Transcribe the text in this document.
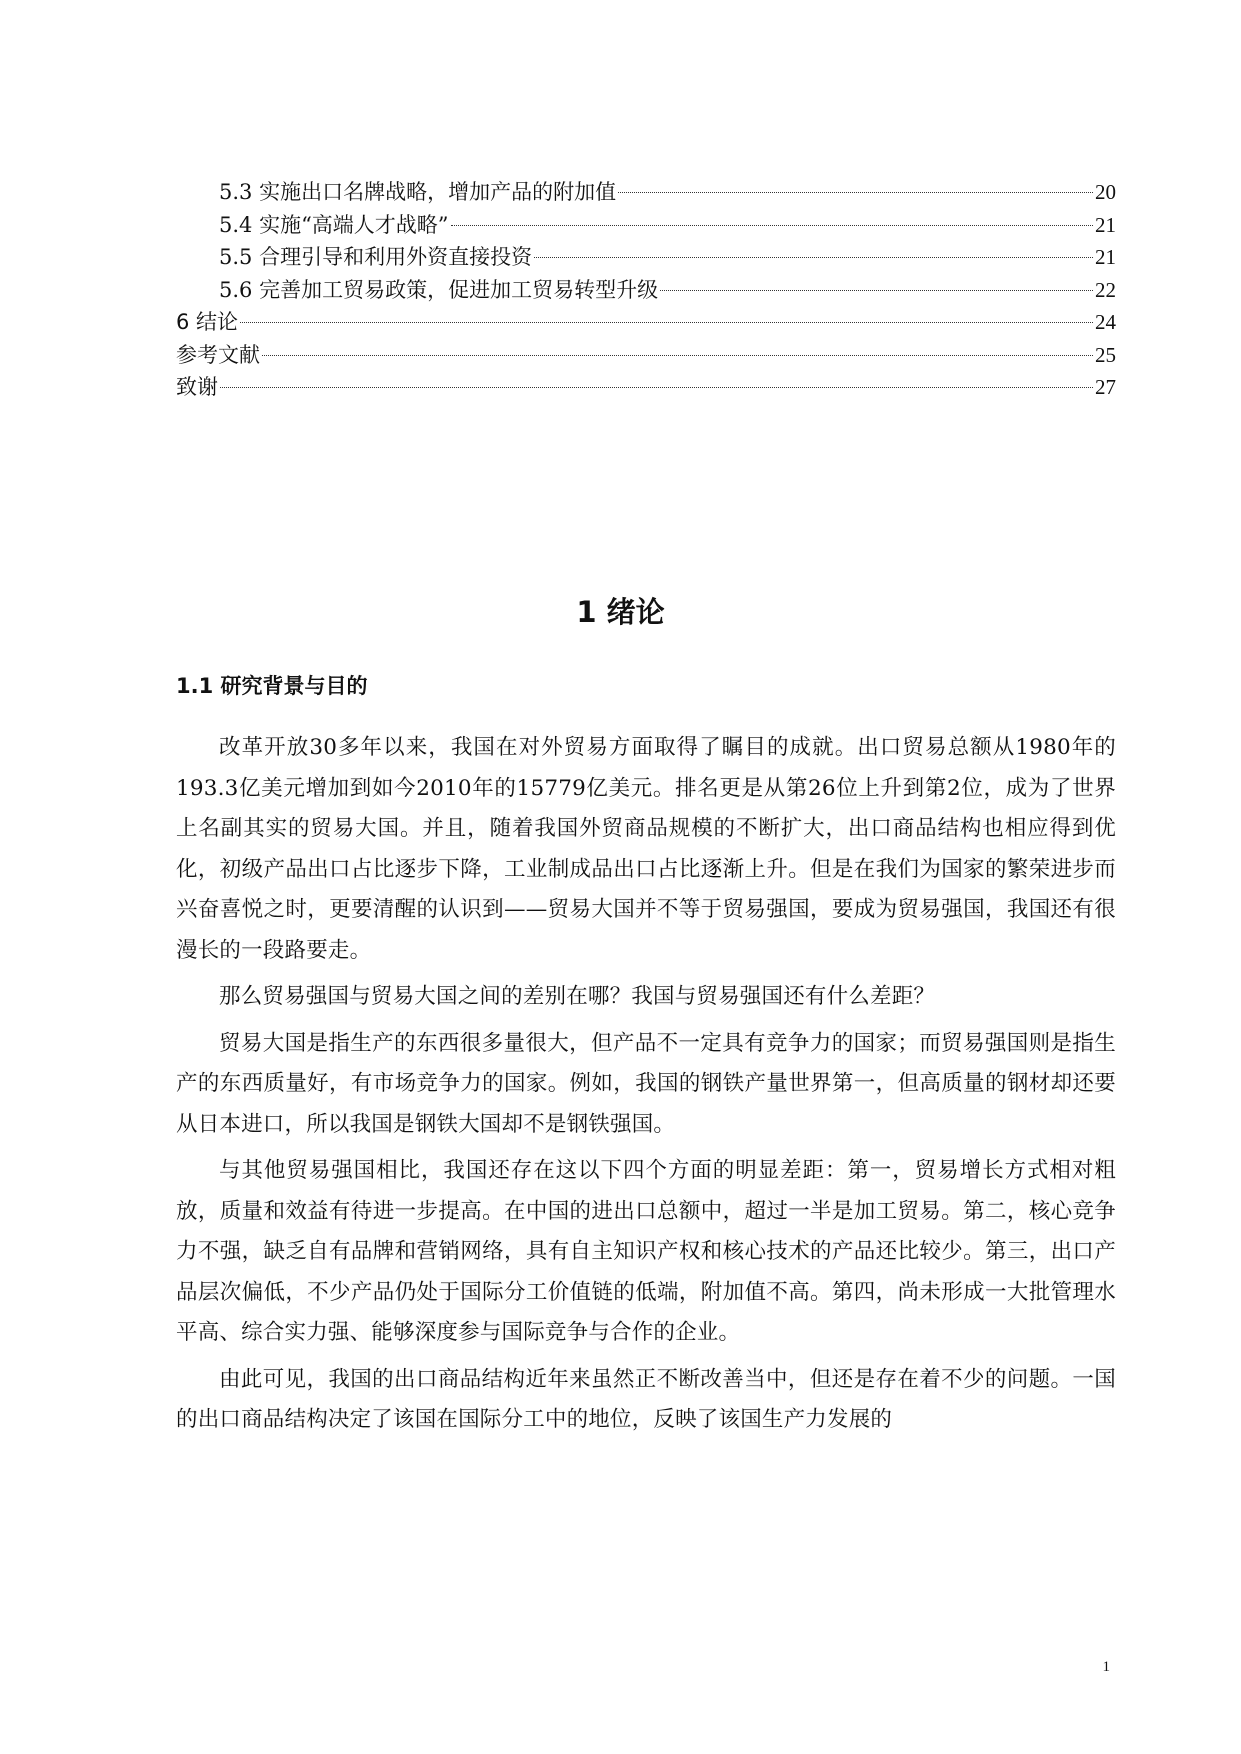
5.3 实施出口名牌战略，增加产品的附加值	20
5.4 实施“高端人才战略”	21
5.5 合理引导和利用外资直接投资	21
5.6 完善加工贸易政策，促进加工贸易转型升级	22
6 结论	24
参考文献	25
致谢	27
1 绪论
1.1 研究背景与目的

改革开放30多年以来，我国在对外贸易方面取得了瞩目的成就。出口贸易总额从1980年的193.3亿美元增加到如今2010年的15779亿美元。排名更是从第26位上升到第2位，成为了世界上名副其实的贸易大国。并且，随着我国外贸商品规模的不断扩大，出口商品结构也相应得到优化，初级产品出口占比逐步下降，工业制成品出口占比逐渐上升。但是在我们为国家的繁荣进步而兴奋喜悦之时，更要清醒的认识到——贸易大国并不等于贸易强国，要成为贸易强国，我国还有很漫长的一段路要走。

那么贸易强国与贸易大国之间的差别在哪？我国与贸易强国还有什么差距？

贸易大国是指生产的东西很多量很大，但产品不一定具有竞争力的国家；而贸易强国则是指生产的东西质量好，有市场竞争力的国家。例如，我国的钢铁产量世界第一，但高质量的钢材却还要从日本进口，所以我国是钢铁大国却不是钢铁强国。

与其他贸易强国相比，我国还存在这以下四个方面的明显差距：第一，贸易增长方式相对粗放，质量和效益有待进一步提高。在中国的进出口总额中，超过一半是加工贸易。第二，核心竞争力不强，缺乏自有品牌和营销网络，具有自主知识产权和核心技术的产品还比较少。第三，出口产品层次偏低，不少产品仍处于国际分工价值链的低端，附加值不高。第四，尚未形成一大批管理水平高、综合实力强、能够深度参与国际竞争与合作的企业。

由此可见，我国的出口商品结构近年来虽然正不断改善当中，但还是存在着不少的问题。一国的出口商品结构决定了该国在国际分工中的地位，反映了该国生产力发展的

1
